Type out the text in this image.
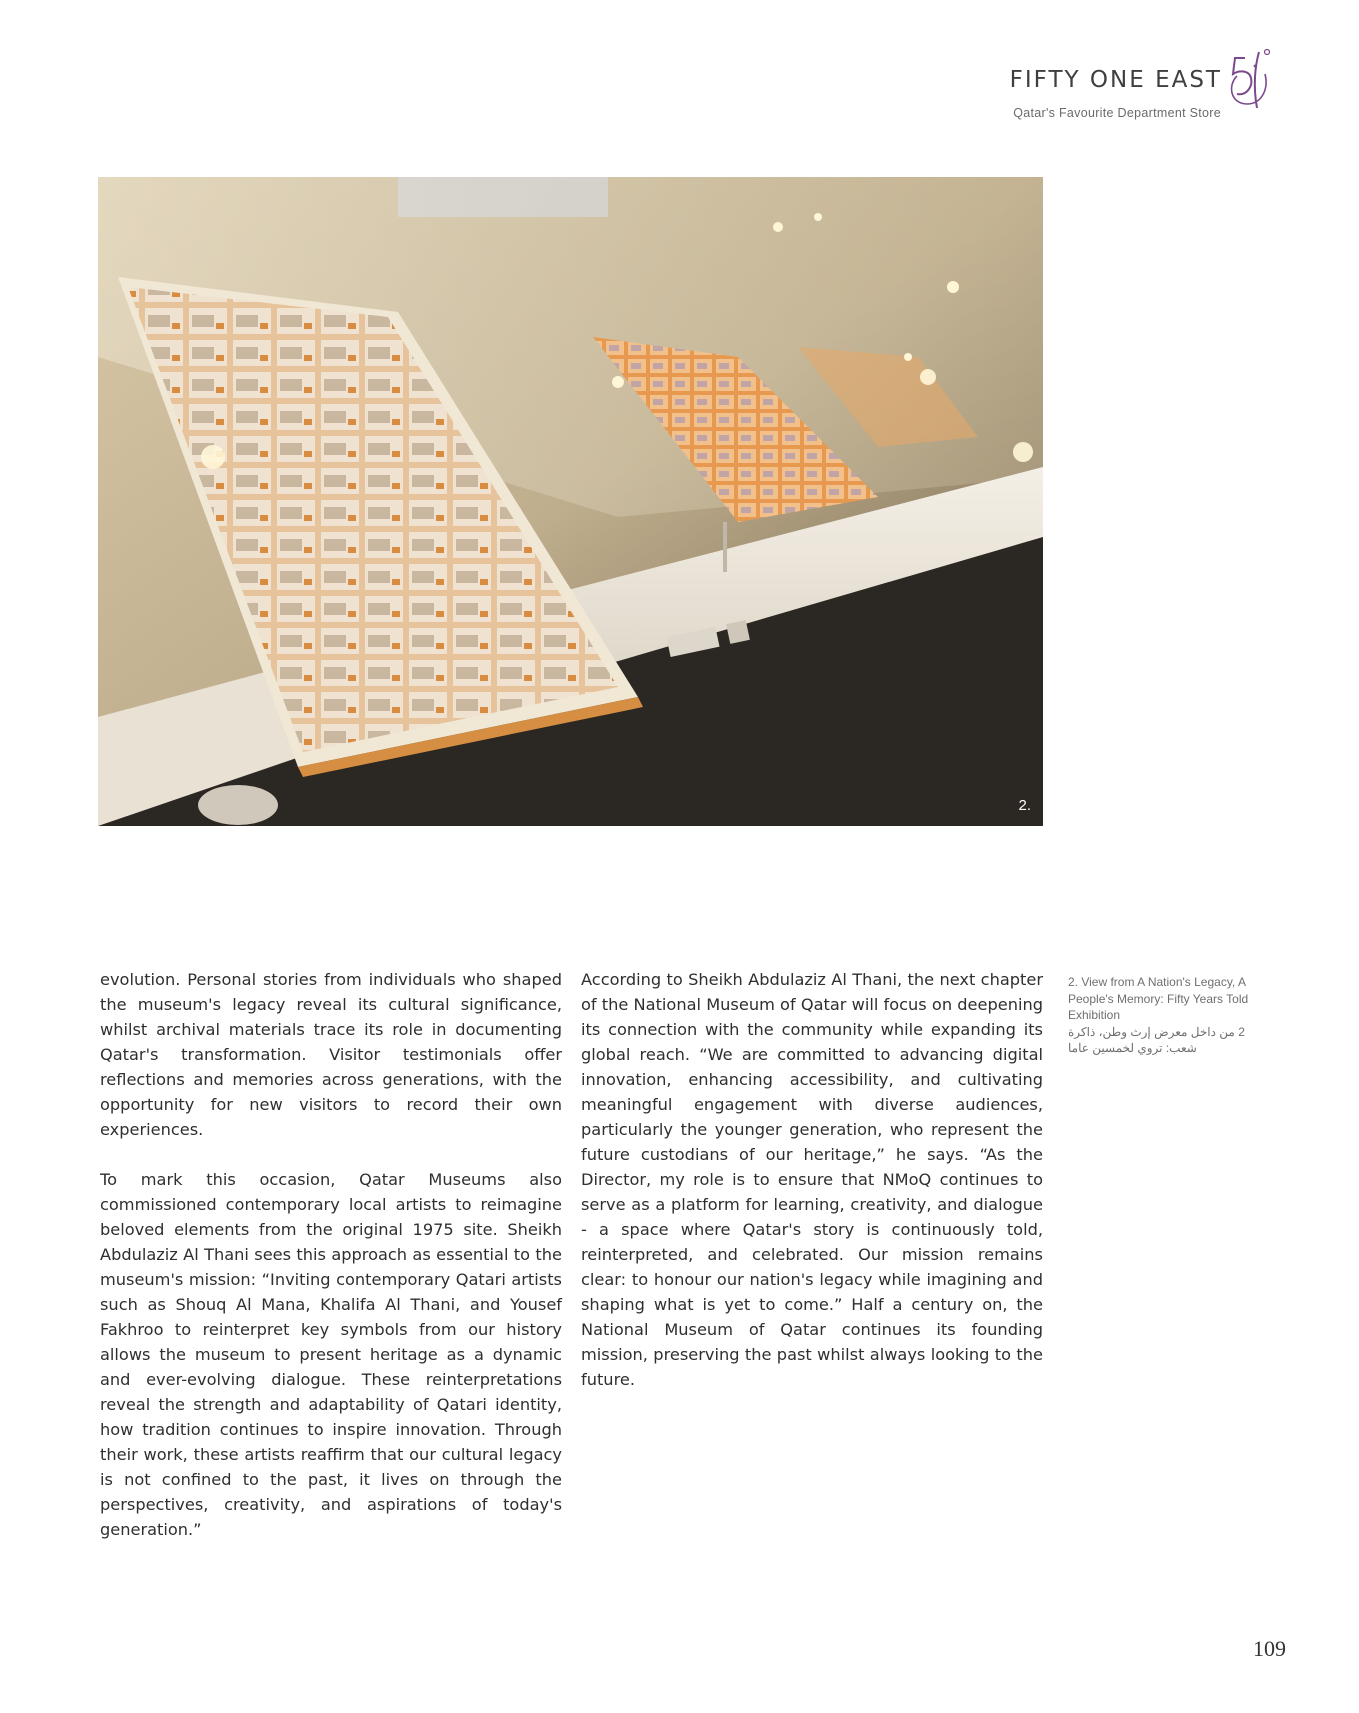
FIFTY ONE EAST
Qatar's Favourite Department Store
2.

evolution. Personal stories from individuals who shaped the museum's legacy reveal its cultural significance, whilst archival materials trace its role in documenting Qatar's transformation. Visitor testimonials offer reflections and memories across generations, with the opportunity for new visitors to record their own experiences.

To mark this occasion, Qatar Museums also commissioned contemporary local artists to reimagine beloved elements from the original 1975 site. Sheikh Abdulaziz Al Thani sees this approach as essential to the museum's mission: “Inviting contemporary Qatari artists such as Shouq Al Mana, Khalifa Al Thani, and Yousef Fakhroo to reinterpret key symbols from our history allows the museum to present heritage as a dynamic and ever-evolving dialogue. These reinterpretations reveal the strength and adaptability of Qatari identity, how tradition continues to inspire innovation. Through their work, these artists reaffirm that our cultural legacy is not confined to the past, it lives on through the perspectives, creativity, and aspirations of today's generation.”

According to Sheikh Abdulaziz Al Thani, the next chapter of the National Museum of Qatar will focus on deepening its connection with the community while expanding its global reach. “We are committed to advancing digital innovation, enhancing accessibility, and cultivating meaningful engagement with diverse audiences, particularly the younger generation, who represent the future custodians of our heritage,” he says. “As the Director, my role is to ensure that NMoQ continues to serve as a platform for learning, creativity, and dialogue - a space where Qatar's story is continuously told, reinterpreted, and celebrated. Our mission remains clear: to honour our nation's legacy while imagining and shaping what is yet to come.” Half a century on, the National Museum of Qatar continues its founding mission, preserving the past whilst always looking to the future.

2. View from A Nation's Legacy, A People's Memory: Fifty Years Told Exhibition
2 من داخل معرض إرث وطن، ذاكرة شعب: تروي لخمسين عاما
109
